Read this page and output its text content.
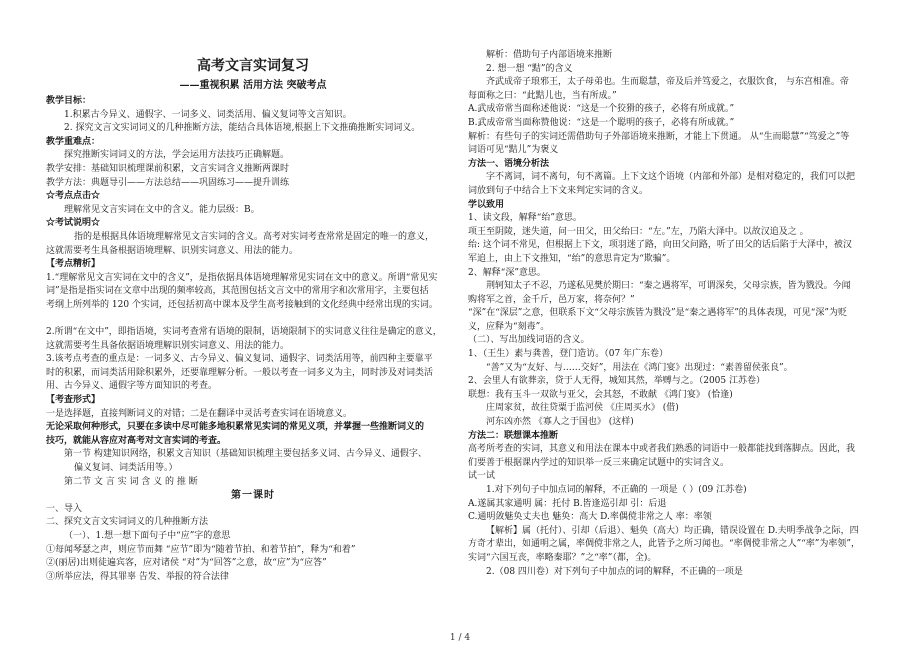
高考文言实词复习
——重视积累 活用方法 突破考点
教学目标：
1.积累古今异义、通假字、一词多义、词类活用、偏义复词等文言知识。
2. 探究文言文实词词义的几种推断方法，能结合具体语境,根据上下文推确推断实词词义。
教学重难点：
探究推断实词词义的方法，学会运用方法技巧正确解题。
教学安排：基础知识梳理课前积累，文言实词含义推断两课时
教学方法：典题导引——方法总结——巩固练习——提升训练
☆考点点击☆
理解常见文言实词在文中的含义。能力层级：B。
☆考试说明☆
指的是根据具体语境理解常见文言实词的含义。高考对实词考查常常是固定的唯一的意义，
这就需要考生具备根据语境理解、识别实词意义、用法的能力。
【考点精析】
1.“理解常见文言实词在文中的含义”，是指依据具体语境理解常见实词在文中的意义。所谓“常见实
词”是指是指实词在文章中出现的频率较高，其范围包括文言文中的常用字和次常用字，主要包括
考纲上所列举的 120 个实词，还包括初高中课本及学生高考接触到的文化经典中经常出现的实词。

2.所谓“在文中”，即指语境，实词考查常有语境的限制，语境限制下的实词意义往往是确定的意义，
这就需要考生具备依据语境理解识别实词意义、用法的能力。
3.该考点考查的重点是：一词多义、古今异义、偏义复词、通假字、词类活用等，前四种主要靠平
时的积累，而词类活用除积累外，还要靠理解分析。一般以考查一词多义为主，同时涉及对词类活
用、古今异义、通假字等方面知识的考查。
【考查形式】
一是选择题，直接判断词义的对错；二是在翻译中灵活考查实词在语境意义。
无论采取何种形式，只要在多读中尽可能多地积累常见实词的常见义项，并掌握一些推断词义的
技巧，就能从容应对高考对文言实词的考查。
第一节 构建知识网络，积累文言知识（基础知识梳理主要包括多义词、古今异义、通假字、
偏义复词、词类活用等。）
第二节 文 言 实 词 含 义 的 推 断
第一课时
一、导入
二、探究文言文实词词义的几种推断方法
（一）、1.想一想下面句子中“应”字的意思
①每闻琴瑟之声，则应节而舞 “应节”即为“随着节拍、和着节拍”，释为“和着”
②(丽居)出则徒遍宾客，应对诸侯 “对”为“回答”之意，故“应”为“应答”
③所举应法，得其罪辜 告发、举报的符合法律
解析：借助句子内部语境来推断
2. 想一想 “黠”的含义
齐武成帝子琅邪王，太子母弟也。生而聪慧，帝及后并笃爱之，衣服饮食， 与东宫相准。帝
每面称之曰：“此黠儿也，当有所成。”
A.武成帝常当面称述他说：“这是一个狡猾的孩子，必将有所成就。”
B.武成帝常当面称赞他说：“这是一个聪明的孩子，必将有所成就。”
解析：有些句子的实词还需借助句子外部语境来推断，才能上下贯通。 从“生而聪慧”“笃爱之”等
词语可见“黠儿”为褒义
方法一、语境分析法
字不离词，词不离句，句不离篇。上下文这个语境（内部和外部）是相对稳定的，我们可以把
词放到句子中结合上下文来判定实词的含义。
学以致用
1、读文段，解释“绐”意思。
项王至阴陵，迷失道，问一田父，田父绐曰：“左。”左，乃陷大泽中。以故汉追及之 。
绐: 这个词不常见，但根据上下文，项羽迷了路，向田父问路，听了田父的话后陷于大泽中，被汉
军追上，由上下文推知，“绐”的意思肯定为“欺骗”。
2、解释“深”意思。
荆轲知太子不忍，乃遂私见樊於期曰：“秦之遇将军，可谓深矣，父母宗族，皆为戮没。今闻
购将军之首，金千斤，邑万家，将奈何？”
“深”在“深层”之意，但联系下文“父母宗族皆为戮没”是“秦之遇将军”的具体表现，可见“深”为贬
义，应释为“刻毒”。
（二）、写出加线词语的含义。
1、（王生）素与龚善，登门造访。（07 年广东卷）
“善”又为“友好、与……交好”，用法在《鸿门宴》出现过：“素善留侯张良”。
2、会里人有欲葬亲，贷于人无得，城知其然，举赙与之。（2005 江苏卷）
联想：我有玉斗一双欲与亚父，会其怒，不敢献 《鸿门宴》 (恰逢)
庄周家贫，故往贷粟于监河侯 《庄周买水》 (借)
河东凶亦然 《寡人之于国也》 (这样)
方法二：联想课本推断
高考所考查的实词，其意义和用法在课本中或者我们熟悉的词语中一般都能找到落脚点。因此，我
们要善于根据课内学过的知识举一反三来确定试题中的实词含义。
试一试
1.对下列句子中加点词的解释，不正确的 一项是（ ）(09 江苏卷)
A.遂属其家通明 属：托付 B.皆逢巡引却 引：后退
C.通明敛魅奂丈夫也 魅奂：高大 D.率偶傥非常之人 率：率领
【解析】属（托付）、引却（后退）、魁奂（高大）均正确，错误设置在 D.夫明季战争之际，四
方奇才辈出，如通明之属，率倜傥非常之人，此皆予之所习闻也。“率倜傥非常之人”“率”为率领”，
实词“六国互丧，率略秦耶？”之“率”（都，全)。
2.（08 四川卷）对下列句子中加点的词的解释，不正确的一项是
1 / 4
